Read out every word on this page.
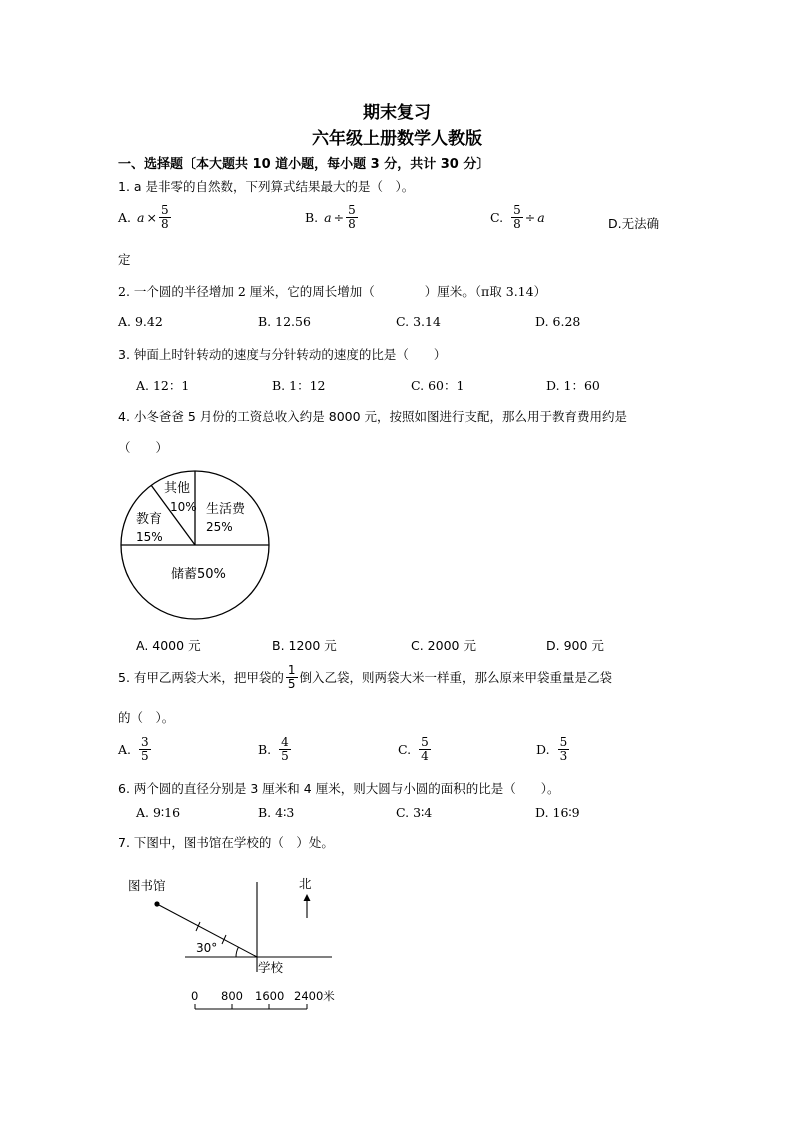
期末复习
六年级上册数学人教版
一、选择题〔本大题共 10 道小题，每小题 3 分，共计 30 分〕
1. a 是非零的自然数，下列算式结果最大的是（　）。
A. $a \times \frac{5}{8}$	B. $a \div \frac{5}{8}$	C. $\frac{5}{8} \div a$	D.无法确
定
2. 一个圆的半径增加 2 厘米，它的周长增加（　　　　）厘米。（π取 3.14）
A. 9.42	B. 12.56	C. 3.14	D. 6.28
3. 钟面上时针转动的速度与分针转动的速度的比是（　　）
A. 12：1	B. 1：12	C. 60：1	D. 1：60
4. 小冬爸爸 5 月份的工资总收入约是 8000 元，按照如图进行支配，那么用于教育费用约是
（　　）
其他
10% 生活费
25%
教育
15%
储蓄50%
A. 4000 元	B. 1200 元	C. 2000 元	D. 900 元
5. 有甲乙两袋大米，把甲袋的 $\frac{1}{5}$ 倒入乙袋，则两袋大米一样重，那么原来甲袋重量是乙袋
的（　）。
A. $\frac{3}{5}$	B. $\frac{4}{5}$	C. $\frac{5}{4}$	D. $\frac{5}{3}$
6. 两个圆的直径分别是 3 厘米和 4 厘米，则大圆与小圆的面积的比是（　　）。
A. 9∶16	B. 4∶3	C. 3∶4	D. 16∶9
7. 下图中，图书馆在学校的（　）处。
图书馆
30°
学校
北
0 800 1600 2400米
